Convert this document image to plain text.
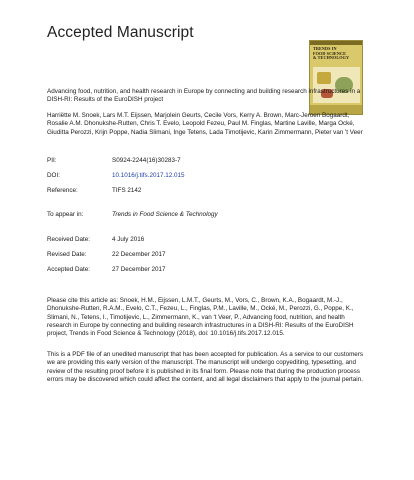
Accepted Manuscript
TRENDS IN
FOOD SCIENCE
& TECHNOLOGY
Advancing food, nutrition, and health research in Europe by connecting and building research infrastructures in a DISH-RI: Results of the EuroDISH project
Harriëtte M. Snoek, Lars M.T. Eijssen, Marjolein Geurts, Cecile Vors, Kerry A. Brown, Marc-Jeroen Bogaardt, Rosalie A.M. Dhonukshe-Rutten, Chris T. Evelo, Leopold Fezeu, Paul M. Finglas, Martine Laville, Marga Ocké, Giuditta Perozzi, Krijn Poppe, Nadia Slimani, Inge Tetens, Lada Timotijevic, Karin Zimmermann, Pieter van 't Veer
PII:	S0924-2244(16)30283-7
DOI:	10.1016/j.tifs.2017.12.015
Reference:	TIFS 2142
To appear in:	Trends in Food Science & Technology
Received Date:	4 July 2016
Revised Date:	22 December 2017
Accepted Date:	27 December 2017
Please cite this article as: Snoek, H.M., Eijssen, L.M.T., Geurts, M., Vors, C., Brown, K.A., Bogaardt, M.-J., Dhonukshe-Rutten, R.A.M., Evelo, C.T., Fezeu, L., Finglas, P.M., Laville, M., Ocké, M., Perozzi, G., Poppe, K., Slimani, N., Tetens, I., Timotijevic, L., Zimmermann, K., van 't Veer, P., Advancing food, nutrition, and health research in Europe by connecting and building research infrastructures in a DISH-RI: Results of the EuroDISH project, Trends in Food Science & Technology (2018), doi: 10.1016/j.tifs.2017.12.015.
This is a PDF file of an unedited manuscript that has been accepted for publication. As a service to our customers we are providing this early version of the manuscript. The manuscript will undergo copyediting, typesetting, and review of the resulting proof before it is published in its final form. Please note that during the production process errors may be discovered which could affect the content, and all legal disclaimers that apply to the journal pertain.
